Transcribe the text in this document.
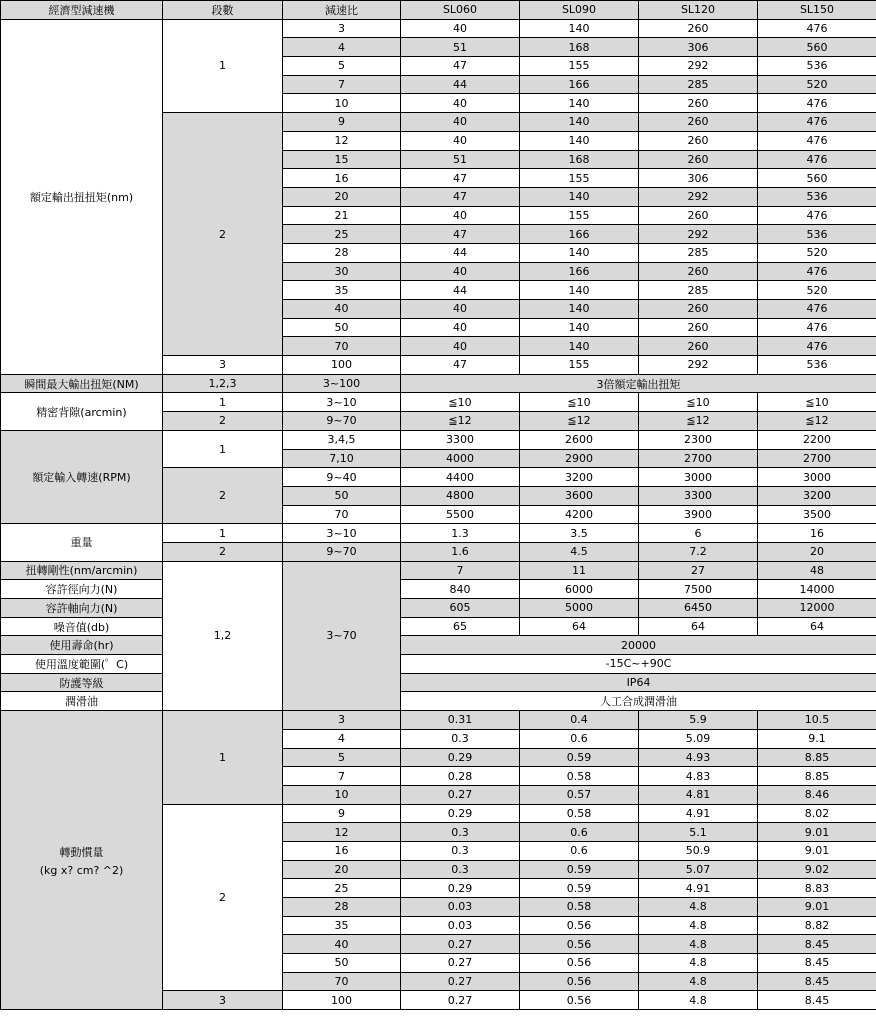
經濟型減速機	段數	減速比	SL060	SL090	SL120	SL150
額定輸出扭扭矩(nm)	1	3	40	140	260	476
		4	51	168	306	560
		5	47	155	292	536
		7	44	166	285	520
		10	40	140	260	476
	2	9	40	140	260	476
		12	40	140	260	476
		15	51	168	260	476
		16	47	155	306	560
		20	47	140	292	536
		21	40	155	260	476
		25	47	166	292	536
		28	44	140	285	520
		30	40	166	260	476
		35	44	140	285	520
		40	40	140	260	476
		50	40	140	260	476
		70	40	140	260	476
	3	100	47	155	292	536
瞬間最大輸出扭矩(NM)	1,2,3	3~100	3倍額定輸出扭矩			
精密背隙(arcmin)	1	3~10	≦10	≦10	≦10	≦10
	2	9~70	≦12	≦12	≦12	≦12
額定輸入轉速(RPM)	1	3,4,5	3300	2600	2300	2200
		7,10	4000	2900	2700	2700
	2	9~40	4400	3200	3000	3000
		50	4800	3600	3300	3200
		70	5500	4200	3900	3500
重量	1	3~10	1.3	3.5	6	16
	2	9~70	1.6	4.5	7.2	20
扭轉剛性(nm/arcmin)	1,2	3~70	7	11	27	48
容許徑向力(N)			840	6000	7500	14000
容許軸向力(N)			605	5000	6450	12000
噪音值(db)			65	64	64	64
使用壽命(hr)			20000			
使用溫度範圍(゜C)			-15C~+90C			
防護等級			IP64			
潤滑油			人工合成潤滑油			

轉動慣量
(kg x? cm? ^2)	1	3	0.31	0.4	5.9	10.5
		4	0.3	0.6	5.09	9.1
		5	0.29	0.59	4.93	8.85
		7	0.28	0.58	4.83	8.85
		10	0.27	0.57	4.81	8.46
	2	9	0.29	0.58	4.91	8.02
		12	0.3	0.6	5.1	9.01
		16	0.3	0.6	50.9	9.01
		20	0.3	0.59	5.07	9.02
		25	0.29	0.59	4.91	8.83
		28	0.03	0.58	4.8	9.01
		35	0.03	0.56	4.8	8.82
		40	0.27	0.56	4.8	8.45
		50	0.27	0.56	4.8	8.45
		70	0.27	0.56	4.8	8.45
	3	100	0.27	0.56	4.8	8.45
